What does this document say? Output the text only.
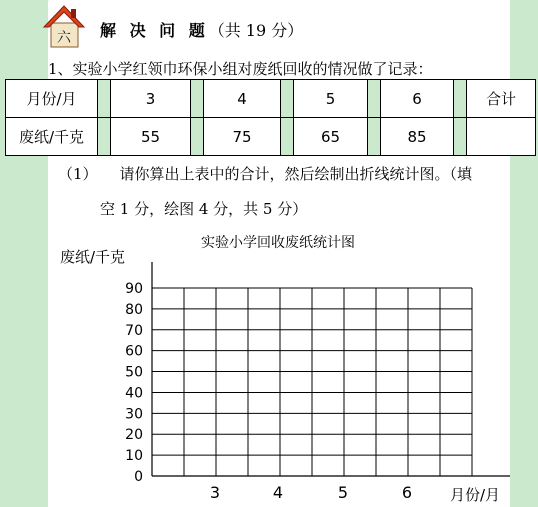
六 解 决 问 题（共 19 分）
1、实验小学红领巾环保小组对废纸回收的情况做了记录：
月份/月		3		4		5		6		合计
废纸/千克		55		75		65		85		
（1） 请你算出上表中的合计，然后绘制出折线统计图。（填
空 1 分，绘图 4 分，共 5 分）
实验小学回收废纸统计图
废纸/千克
月份/月
90
80
70
60
50
40
30
20
10
0
3	4	5	6
